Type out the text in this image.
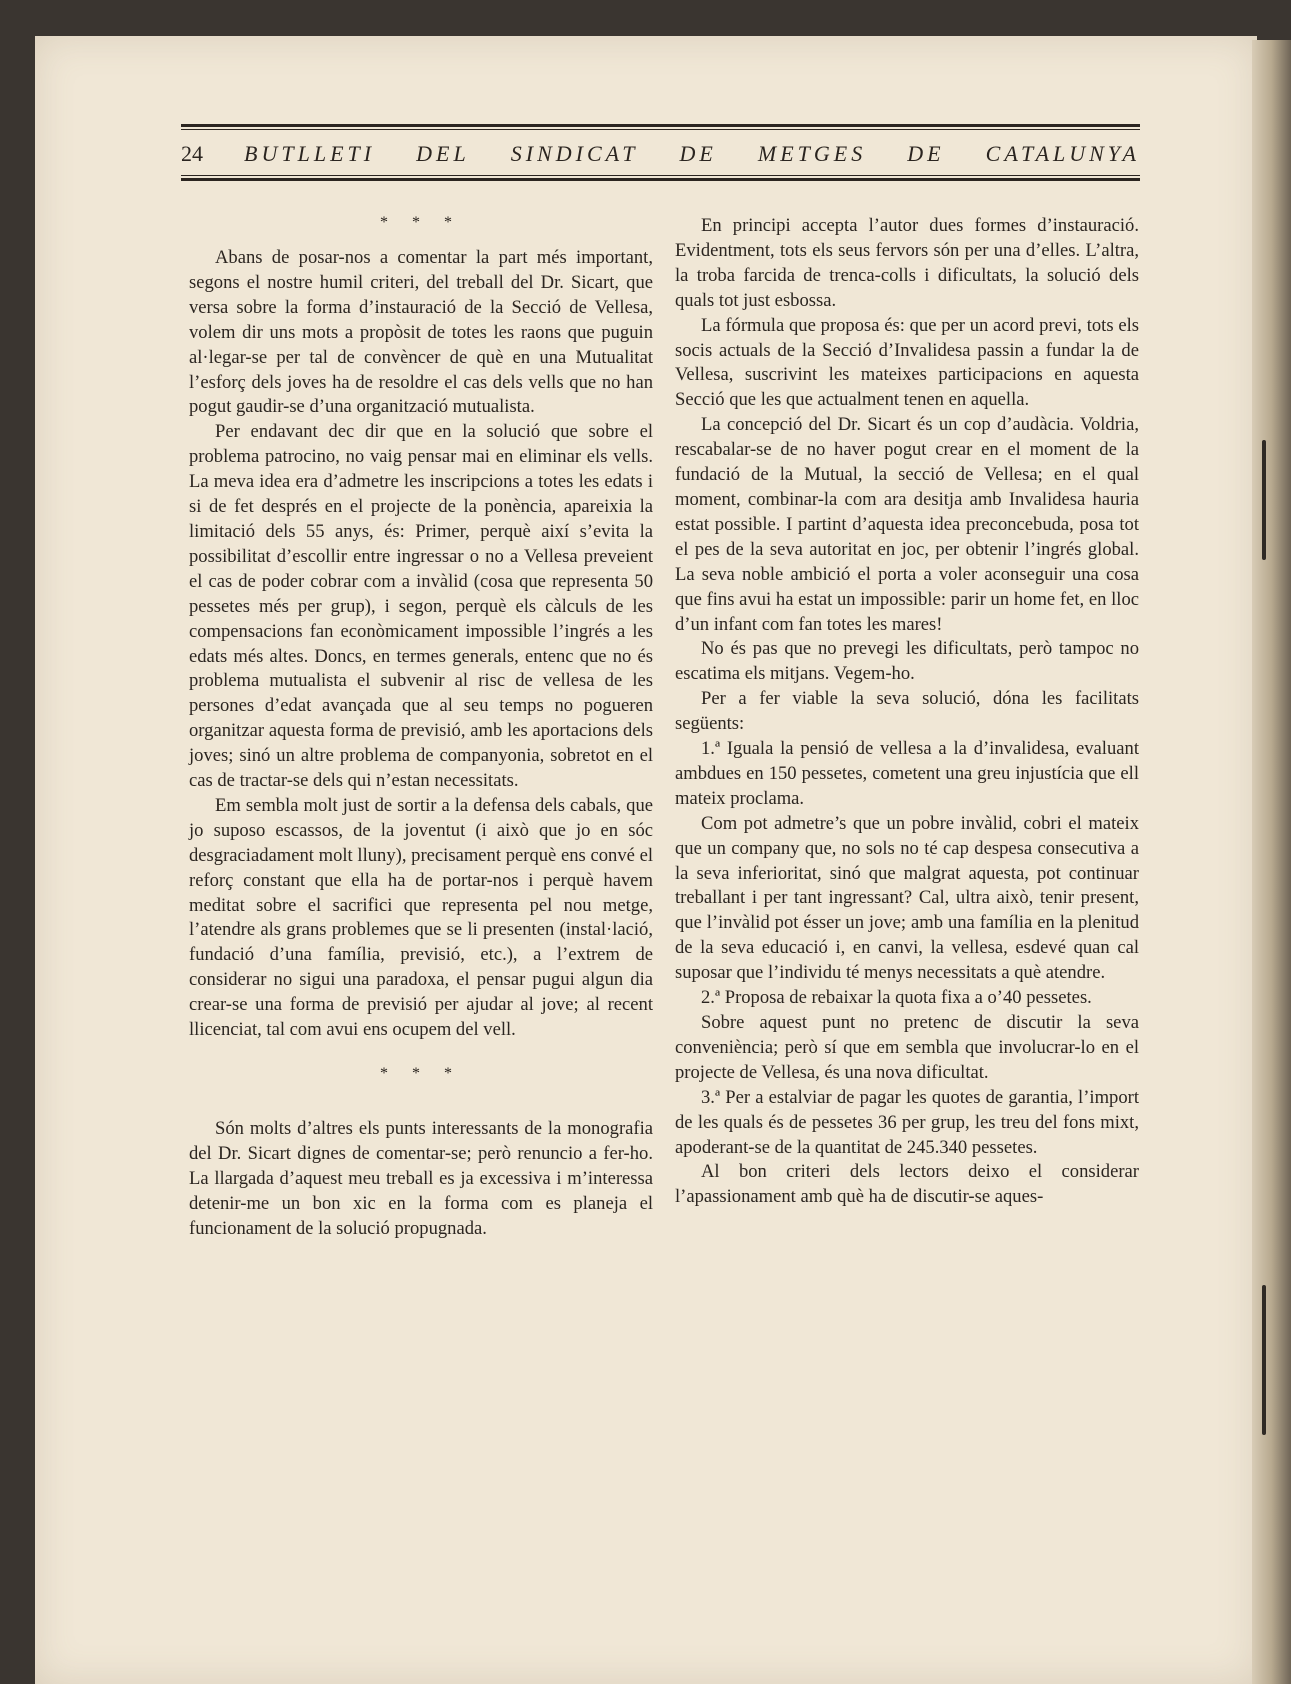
24 BUTLLETI DEL SINDICAT DE METGES DE CATALUNYA
* * *

Abans de posar-nos a comentar la part més important, segons el nostre humil criteri, del treball del Dr. Sicart, que versa sobre la forma d’instauració de la Secció de Vellesa, volem dir uns mots a propòsit de totes les raons que puguin al·legar-se per tal de convèncer de què en una Mutualitat l’esforç dels joves ha de resoldre el cas dels vells que no han pogut gaudir-se d’una organització mutualista.

Per endavant dec dir que en la solució que sobre el problema patrocino, no vaig pensar mai en eliminar els vells. La meva idea era d’admetre les inscripcions a totes les edats i si de fet després en el projecte de la ponència, apareixia la limitació dels 55 anys, és: Primer, perquè així s’evita la possibilitat d’escollir entre ingressar o no a Vellesa preveient el cas de poder cobrar com a invàlid (cosa que representa 50 pessetes més per grup), i segon, perquè els càlculs de les compensacions fan econòmicament impossible l’ingrés a les edats més altes. Doncs, en termes generals, entenc que no és problema mutualista el subvenir al risc de vellesa de les persones d’edat avançada que al seu temps no pogueren organitzar aquesta forma de previsió, amb les aportacions dels joves; sinó un altre problema de companyonia, sobretot en el cas de tractar-se dels qui n’estan necessitats.

Em sembla molt just de sortir a la defensa dels cabals, que jo suposo escassos, de la joventut (i això que jo en sóc desgraciadament molt lluny), precisament perquè ens convé el reforç constant que ella ha de portar-nos i perquè havem meditat sobre el sacrifici que representa pel nou metge, l’atendre als grans problemes que se li presenten (instal·lació, fundació d’una família, previsió, etc.), a l’extrem de considerar no sigui una paradoxa, el pensar pugui algun dia crear-se una forma de previsió per ajudar al jove; al recent llicenciat, tal com avui ens ocupem del vell.

* * *

Són molts d’altres els punts interessants de la monografia del Dr. Sicart dignes de comentar-se; però renuncio a fer-ho. La llargada d’aquest meu treball es ja excessiva i m’interessa detenir-me un bon xic en la forma com es planeja el funcionament de la solució propugnada.

En principi accepta l’autor dues formes d’instauració. Evidentment, tots els seus fervors són per una d’elles. L’altra, la troba farcida de trenca-colls i dificultats, la solució dels quals tot just esbossa.

La fórmula que proposa és: que per un acord previ, tots els socis actuals de la Secció d’Invalidesa passin a fundar la de Vellesa, suscrivint les mateixes participacions en aquesta Secció que les que actualment tenen en aquella.

La concepció del Dr. Sicart és un cop d’audàcia. Voldria, rescabalar-se de no haver pogut crear en el moment de la fundació de la Mutual, la secció de Vellesa; en el qual moment, combinar-la com ara desitja amb Invalidesa hauria estat possible. I partint d’aquesta idea preconcebuda, posa tot el pes de la seva autoritat en joc, per obtenir l’ingrés global. La seva noble ambició el porta a voler aconseguir una cosa que fins avui ha estat un impossible: parir un home fet, en lloc d’un infant com fan totes les mares!

No és pas que no prevegi les dificultats, però tampoc no escatima els mitjans. Vegem-ho.

Per a fer viable la seva solució, dóna les facilitats següents:

1.ª Iguala la pensió de vellesa a la d’invalidesa, evaluant ambdues en 150 pessetes, cometent una greu injustícia que ell mateix proclama.

Com pot admetre’s que un pobre invàlid, cobri el mateix que un company que, no sols no té cap despesa consecutiva a la seva inferioritat, sinó que malgrat aquesta, pot continuar treballant i per tant ingressant? Cal, ultra això, tenir present, que l’invàlid pot ésser un jove; amb una família en la plenitud de la seva educació i, en canvi, la vellesa, esdevé quan cal suposar que l’individu té menys necessitats a què atendre.

2.ª Proposa de rebaixar la quota fixa a o’40 pessetes.

Sobre aquest punt no pretenc de discutir la seva conveniència; però sí que em sembla que involucrar-lo en el projecte de Vellesa, és una nova dificultat.

3.ª Per a estalviar de pagar les quotes de garantia, l’import de les quals és de pessetes 36 per grup, les treu del fons mixt, apoderant-se de la quantitat de 245.340 pessetes.

Al bon criteri dels lectors deixo el considerar l’apassionament amb què ha de discutir-se aques-
